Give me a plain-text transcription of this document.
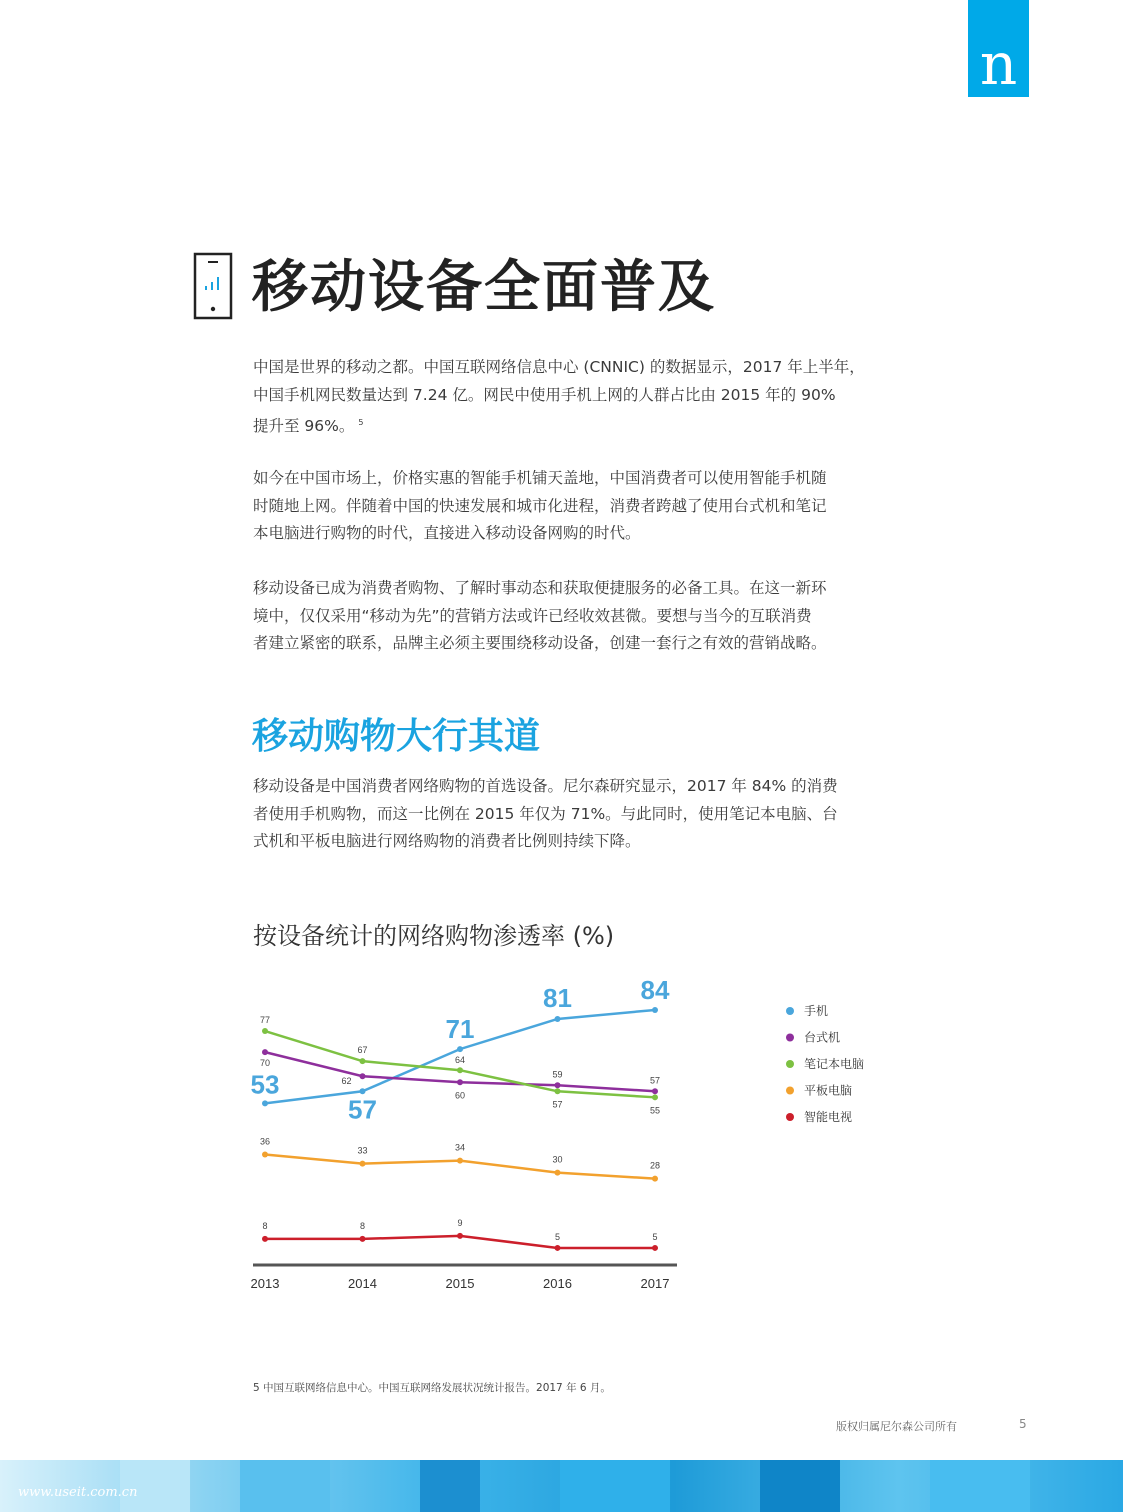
n
移动设备全面普及
中国是世界的移动之都。中国互联网络信息中心 (CNNIC) 的数据显示，2017 年上半年，
中国手机网民数量达到 7.24 亿。网民中使用手机上网的人群占比由 2015 年的 90%
提升至 96%。 $^5$
如今在中国市场上，价格实惠的智能手机铺天盖地，中国消费者可以使用智能手机随
时随地上网。伴随着中国的快速发展和城市化进程，消费者跨越了使用台式机和笔记
本电脑进行购物的时代，直接进入移动设备网购的时代。
移动设备已成为消费者购物、了解时事动态和获取便捷服务的必备工具。在这一新环
境中，仅仅采用“移动为先”的营销方法或许已经收效甚微。要想与当今的互联消费
者建立紧密的联系，品牌主必须主要围绕移动设备，创建一套行之有效的营销战略。
移动购物大行其道
移动设备是中国消费者网络购物的首选设备。尼尔森研究显示，2017 年 84% 的消费
者使用手机购物，而这一比例在 2015 年仅为 71%。与此同时，使用笔记本电脑、台
式机和平板电脑进行网络购物的消费者比例则持续下降。
按设备统计的网络购物渗透率 (%)
2013	2014	2015	2016	2017
53
57
71
81	84
70
62
60
59
57
77
67
64
57
55
36
33	34
30
28
8	8	9
5	5
手机
台式机
笔记本电脑
平板电脑
智能电视

5 中国互联网络信息中心。中国互联网络发展状况统计报告。2017 年 6 月。

版权归属尼尔森公司所有	5

www.useit.com.cn
